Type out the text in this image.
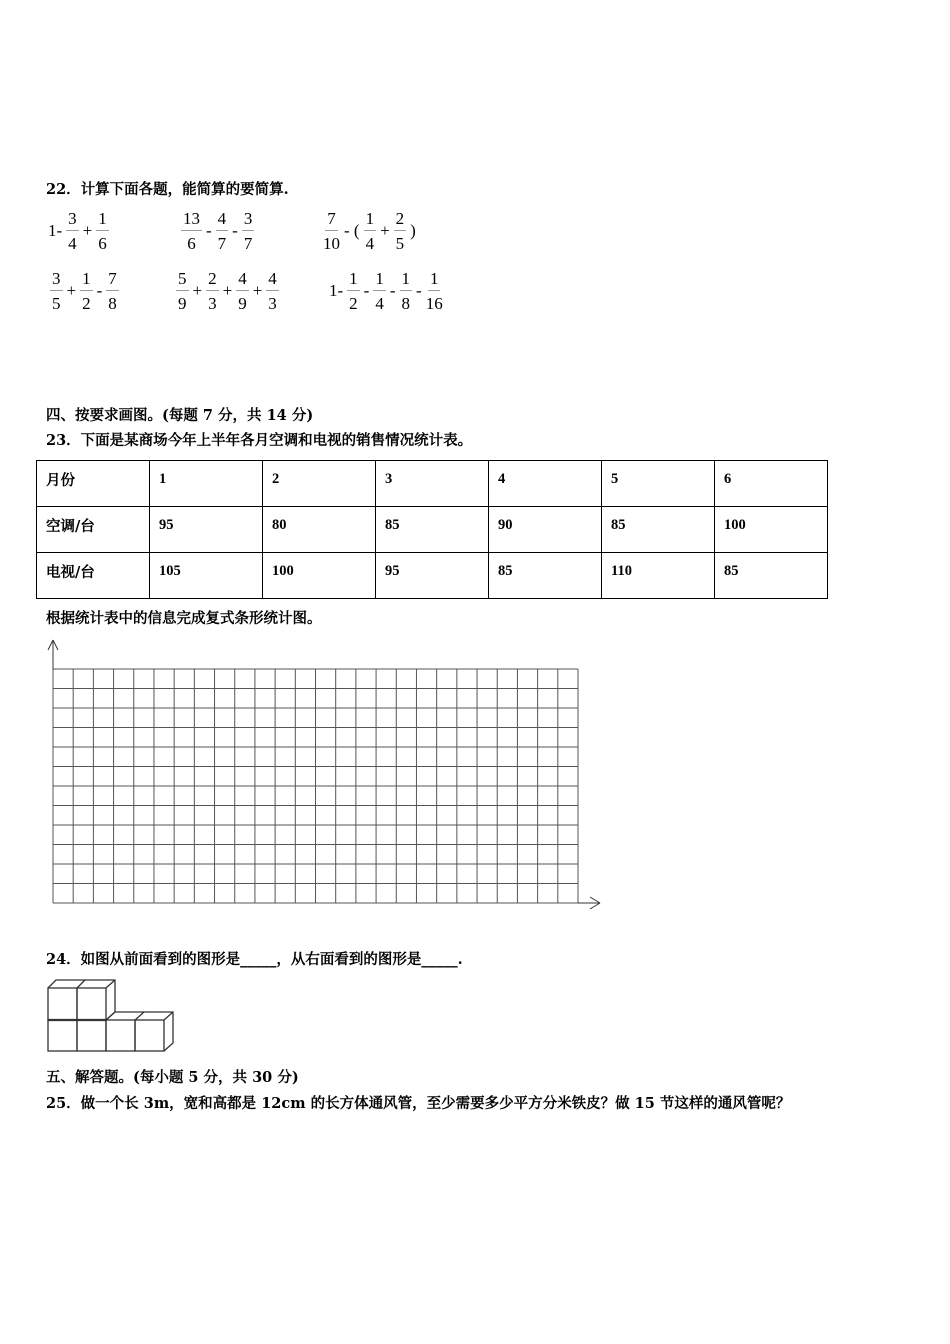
22．计算下面各题，能简算的要简算.
$1- \frac{3}{4} + \frac{1}{6}$	$\frac{13}{6} - \frac{4}{7} - \frac{3}{7}$	$\frac{7}{10}$ - ( $\frac{1}{4} + \frac{2}{5}$ )
$\frac{3}{5} + \frac{1}{2} - \frac{7}{8}$	$\frac{5}{9} + \frac{2}{3} + \frac{4}{9} + \frac{4}{3}$	$1- \frac{1}{2} - \frac{1}{4} - \frac{1}{8} - \frac{1}{16}$
四、按要求画图。(每题 7 分，共 14 分)
23．下面是某商场今年上半年各月空调和电视的销售情况统计表。
月份	1	2	3	4	5	6
空调/台	95	80	85	90	85	100
电视/台	105	100	95	85	110	85
根据统计表中的信息完成复式条形统计图。
24．如图从前面看到的图形是_____，从右面看到的图形是_____.
五、解答题。(每小题 5 分，共 30 分)
25．做一个长 3m，宽和高都是 12cm 的长方体通风管，至少需要多少平方分米铁皮？做 15 节这样的通风管呢？
